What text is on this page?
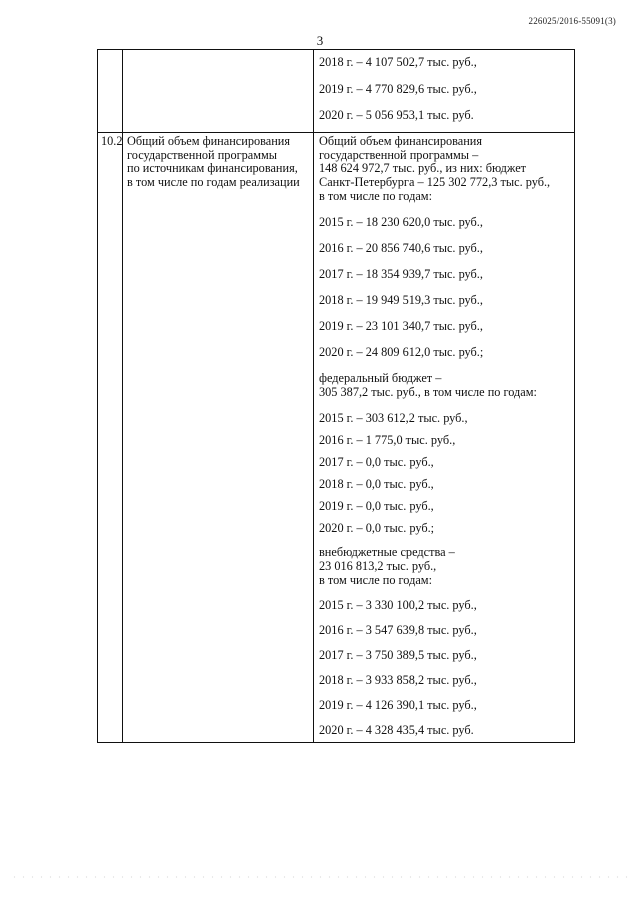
226025/2016-55091(3)
3
10.2 Общий объем финансирования
государственной программы
по источникам финансирования,
в том числе по годам реализации
2018 г. – 4 107 502,7 тыс. руб.,
2019 г. – 4 770 829,6 тыс. руб.,
2020 г. – 5 056 953,1 тыс. руб.
Общий объем финансирования
государственной программы –
148 624 972,7 тыс. руб., из них: бюджет
Санкт-Петербурга – 125 302 772,3 тыс. руб.,
в том числе по годам:
2015 г. – 18 230 620,0 тыс. руб.,
2016 г. – 20 856 740,6 тыс. руб.,
2017 г. – 18 354 939,7 тыс. руб.,
2018 г. – 19 949 519,3 тыс. руб.,
2019 г. – 23 101 340,7 тыс. руб.,
2020 г. – 24 809 612,0 тыс. руб.;
федеральный бюджет –
305 387,2 тыс. руб., в том числе по годам:
2015 г. – 303 612,2 тыс. руб.,
2016 г. – 1 775,0 тыс. руб.,
2017 г. – 0,0 тыс. руб.,
2018 г. – 0,0 тыс. руб.,
2019 г. – 0,0 тыс. руб.,
2020 г. – 0,0 тыс. руб.;
внебюджетные средства –
23 016 813,2 тыс. руб.,
в том числе по годам:
2015 г. – 3 330 100,2 тыс. руб.,
2016 г. – 3 547 639,8 тыс. руб.,
2017 г. – 3 750 389,5 тыс. руб.,
2018 г. – 3 933 858,2 тыс. руб.,
2019 г. – 4 126 390,1 тыс. руб.,
2020 г. – 4 328 435,4 тыс. руб.
